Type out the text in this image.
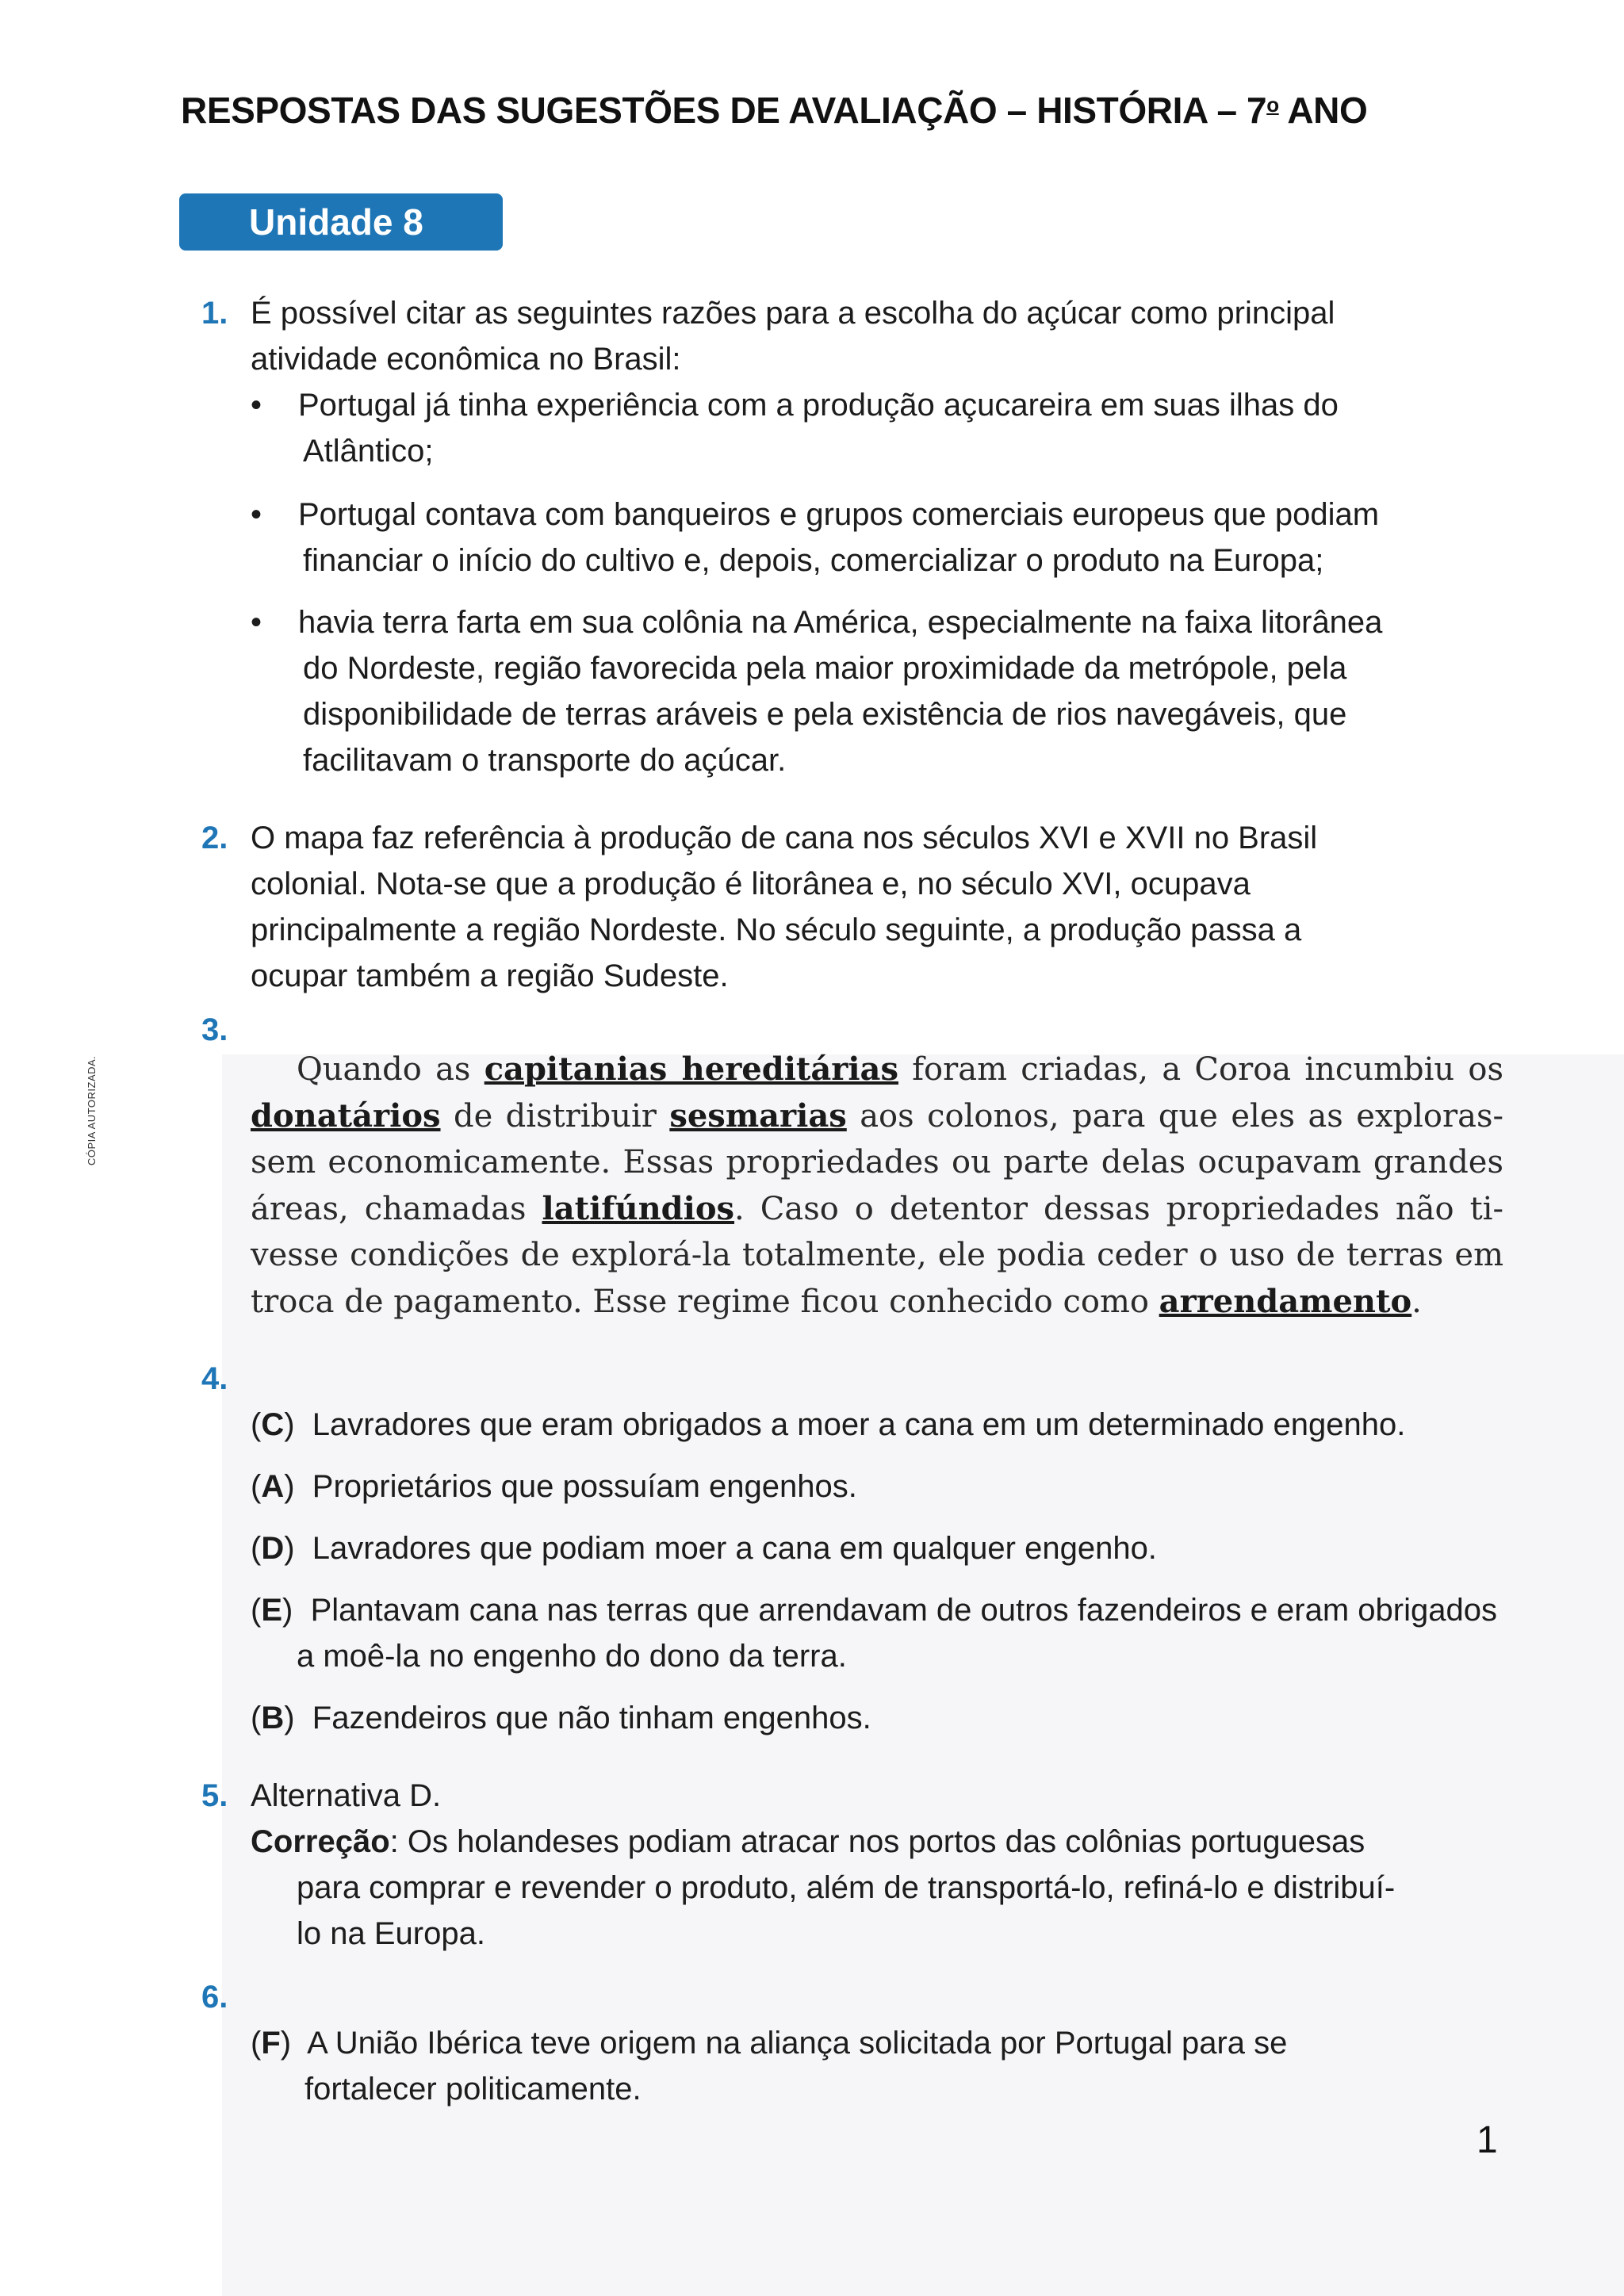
CÓPIA AUTORIZADA.
RESPOSTAS DAS SUGESTÕES DE AVALIAÇÃO – HISTÓRIA – 7$^o$ ANO
Unidade 8
1. É possível citar as seguintes razões para a escolha do açúcar como principal
atividade econômica no Brasil:
• Portugal já tinha experiência com a produção açucareira em suas ilhas do
Atlântico;
• Portugal contava com banqueiros e grupos comerciais europeus que podiam
financiar o início do cultivo e, depois, comercializar o produto na Europa;
• havia terra farta em sua colônia na América, especialmente na faixa litorânea
do Nordeste, região favorecida pela maior proximidade da metrópole, pela
disponibilidade de terras aráveis e pela existência de rios navegáveis, que
facilitavam o transporte do açúcar.
2. O mapa faz referência à produção de cana nos séculos XVI e XVII no Brasil
colonial. Nota-se que a produção é litorânea e, no século XVI, ocupava
principalmente a região Nordeste. No século seguinte, a produção passa a
ocupar também a região Sudeste.
3.

Quando as capitanias hereditárias foram criadas, a Coroa incumbiu os donatários de distribuir sesmarias aos colonos, para que eles as exploras-sem economicamente. Essas propriedades ou parte delas ocupavam grandes áreas, chamadas latifúndios. Caso o detentor dessas propriedades não ti-vesse condições de explorá-la totalmente, ele podia ceder o uso de terras em troca de pagamento. Esse regime ficou conhecido como arrendamento.

4.
(C)  Lavradores que eram obrigados a moer a cana em um determinado engenho.
(A)  Proprietários que possuíam engenhos.
(D)  Lavradores que podiam moer a cana em qualquer engenho.
(E)  Plantavam cana nas terras que arrendavam de outros fazendeiros e eram obrigados a moê-la no engenho do dono da terra.
(B)  Fazendeiros que não tinham engenhos.
5. Alternativa D.
Correção: Os holandeses podiam atracar nos portos das colônias portuguesas
para comprar e revender o produto, além de transportá-lo, refiná-lo e distribuí-
lo na Europa.
6.
(F)  A União Ibérica teve origem na aliança solicitada por Portugal para se
fortalecer politicamente.
1
